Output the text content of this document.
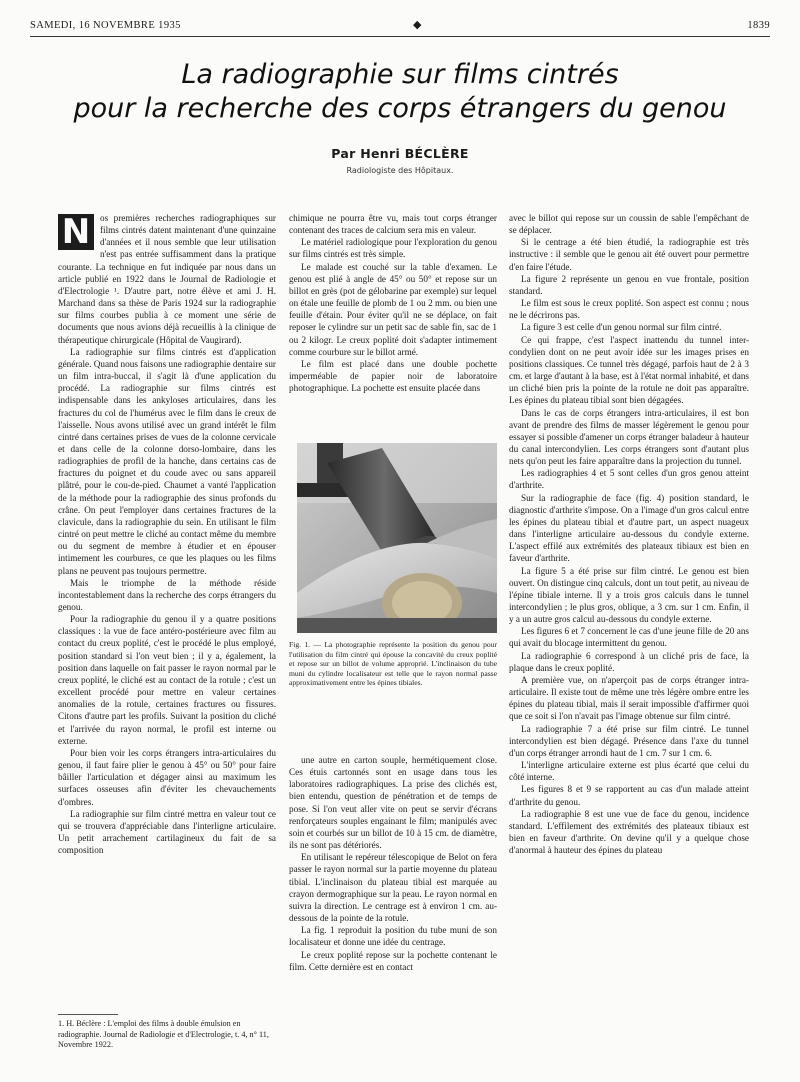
SAMEDI, 16 NOVEMBRE 1935	◆	1839
La radiographie sur films cintrés
pour la recherche des corps étrangers du genou
Par Henri BÉCLÈRE
Radiologiste des Hôpitaux.
N	os premières recherches radiographiques sur films cintrés datent maintenant d'une quinzaine d'années et il nous semble que leur utilisation n'est pas entrée suffisamment dans la pratique courante. La technique en fut indiquée par nous dans un article publié en 1922 dans le Journal de Radiologie et d'Electrologie ¹. D'autre part, notre élève et ami J. H. Marchand dans sa thèse de Paris 1924 sur la radiographie sur films courbes publia à ce moment une série de documents que nous avions déjà recueillis à la clinique de thérapeutique chirurgicale (Hôpital de Vaugirard).

La radiographie sur films cintrés est d'application générale. Quand nous faisons une radiographie dentaire sur un film intra-buccal, il s'agit là d'une application du procédé. La radiographie sur films cintrés est indispensable dans les ankyloses articulaires, dans les fractures du col de l'humérus avec le film dans le creux de l'aisselle. Nous avons utilisé avec un grand intérêt le film cintré dans certaines prises de vues de la colonne cervicale et dans celle de la colonne dorso-lombaire, dans les radiographies de profil de la hanche, dans certains cas de fractures du poignet et du coude avec ou sans appareil plâtré, pour le cou-de-pied. Chaumet a vanté l'application de la méthode pour la radiographie des sinus profonds du crâne. On peut l'employer dans certaines fractures de la clavicule, dans la radiographie du sein. En utilisant le film cintré on peut mettre le cliché au contact même du membre ou du segment de membre à étudier et en épouser intimement les courbures, ce que les plaques ou les films plans ne peuvent pas toujours permettre.

Mais le triomphe de la méthode réside incontestablement dans la recherche des corps étrangers du genou.

Pour la radiographie du genou il y a quatre positions classiques : la vue de face antéro-postérieure avec film au contact du creux poplité, c'est le procédé le plus employé, position standard si l'on veut bien ; il y a, également, la position dans laquelle on fait passer le rayon normal par le creux poplité, le cliché est au contact de la rotule ; c'est un excellent procédé pour mettre en valeur certaines anomalies de la rotule, certaines fractures ou fissures. Citons d'autre part les profils. Suivant la position du cliché et l'arrivée du rayon normal, le profil est interne ou externe.

Pour bien voir les corps étrangers intra-articulaires du genou, il faut faire plier le genou à 45° ou 50° pour faire bâiller l'articulation et dégager ainsi au maximum les surfaces osseuses afin d'éviter les chevauchements d'ombres.

La radiographie sur film cintré mettra en valeur tout ce qui se trouvera d'appréciable dans l'interligne articulaire. Un petit arrachement cartilagineux du fait de sa composition

1. H. Béclère : L'emploi des films à double émulsion en radiographie. Journal de Radiologie et d'Electrologie, t. 4, n° 11, Novembre 1922.

chimique ne pourra être vu, mais tout corps étranger contenant des traces de calcium sera mis en valeur.

Le matériel radiologique pour l'exploration du genou sur films cintrés est très simple.

Le malade est couché sur la table d'examen. Le genou est plié à angle de 45° ou 50° et repose sur un billot en grès (pot de gélobarine par exemple) sur lequel on étale une feuille de plomb de 1 ou 2 mm. ou bien une feuille d'étain. Pour éviter qu'il ne se déplace, on fait reposer le cylindre sur un petit sac de sable fin, sac de 1 ou 2 kilogr. Le creux poplité doit s'adapter intimement comme courbure sur le billot armé.

Le film est placé dans une double pochette imperméable de papier noir de laboratoire photographique. La pochette est ensuite placée dans

Fig. 1. — La photographie représente la position du genou pour l'utilisation du film cintré qui épouse la concavité du creux poplité et repose sur un billot de volume approprié. L'inclinaison du tube muni du cylindre localisateur est telle que le rayon normal passe approximativement entre les épines tibiales.

une autre en carton souple, hermétiquement close. Ces étuis cartonnés sont en usage dans tous les laboratoires radiographiques. La prise des clichés est, bien entendu, question de pénétration et de temps de pose. Si l'on veut aller vite on peut se servir d'écrans renforçateurs souples engainant le film; manipulés avec soin et courbés sur un billot de 10 à 15 cm. de diamètre, ils ne sont pas détériorés.

En utilisant le repéreur télescopique de Belot on fera passer le rayon normal sur la partie moyenne du plateau tibial. L'inclinaison du plateau tibial est marquée au crayon dermographique sur la peau. Le rayon normal en suivra la direction. Le centrage est à environ 1 cm. au-dessous de la pointe de la rotule.

La fig. 1 reproduit la position du tube muni de son localisateur et donne une idée du centrage.

Le creux poplité repose sur la pochette contenant le film. Cette dernière est en contact

avec le billot qui repose sur un coussin de sable l'empêchant de se déplacer.

Si le centrage a été bien étudié, la radiographie est très instructive : il semble que le genou ait été ouvert pour permettre d'en faire l'étude.

La figure 2 représente un genou en vue frontale, position standard.

Le film est sous le creux poplité. Son aspect est connu ; nous ne le décrirons pas.

La figure 3 est celle d'un genou normal sur film cintré.

Ce qui frappe, c'est l'aspect inattendu du tunnel inter-condylien dont on ne peut avoir idée sur les images prises en positions classiques. Ce tunnel très dégagé, parfois haut de 2 à 3 cm. et large d'autant à la base, est à l'état normal inhabité, et dans un cliché bien pris la pointe de la rotule ne doit pas apparaître. Les épines du plateau tibial sont bien dégagées.

Dans le cas de corps étrangers intra-articulaires, il est bon avant de prendre des films de masser légèrement le genou pour essayer si possible d'amener un corps étranger baladeur à hauteur du canal intercondylien. Les corps étrangers sont d'autant plus nets qu'on peut les faire apparaître dans la projection du tunnel.

Les radiographies 4 et 5 sont celles d'un gros genou atteint d'arthrite.

Sur la radiographie de face (fig. 4) position standard, le diagnostic d'arthrite s'impose. On a l'image d'un gros calcul entre les épines du plateau tibial et d'autre part, un aspect nuageux dans l'interligne articulaire au-dessous du condyle externe. L'aspect effilé aux extrémités des plateaux tibiaux est bien en faveur d'arthrite.

La figure 5 a été prise sur film cintré. Le genou est bien ouvert. On distingue cinq calculs, dont un tout petit, au niveau de l'épine tibiale interne. Il y a trois gros calculs dans le tunnel intercondylien ; le plus gros, oblique, a 3 cm. sur 1 cm. Enfin, il y a un autre gros calcul au-dessous du condyle externe.

Les figures 6 et 7 concernent le cas d'une jeune fille de 20 ans qui avait du blocage intermittent du genou.

La radiographie 6 correspond à un cliché pris de face, la plaque dans le creux poplité.

A première vue, on n'aperçoit pas de corps étranger intra-articulaire. Il existe tout de même une très légère ombre entre les épines du plateau tibial, mais il serait impossible d'affirmer quoi que ce soit si l'on n'avait pas l'image obtenue sur film cintré.

La radiographie 7 a été prise sur film cintré. Le tunnel intercondylien est bien dégagé. Présence dans l'axe du tunnel d'un corps étranger arrondi haut de 1 cm. 7 sur 1 cm. 6.

L'interligne articulaire externe est plus écarté que celui du côté interne.

Les figures 8 et 9 se rapportent au cas d'un malade atteint d'arthrite du genou.

La radiographie 8 est une vue de face du genou, incidence standard. L'effilement des extrémités des plateaux tibiaux est bien en faveur d'arthrite. On devine qu'il y a quelque chose d'anormal à hauteur des épines du plateau
